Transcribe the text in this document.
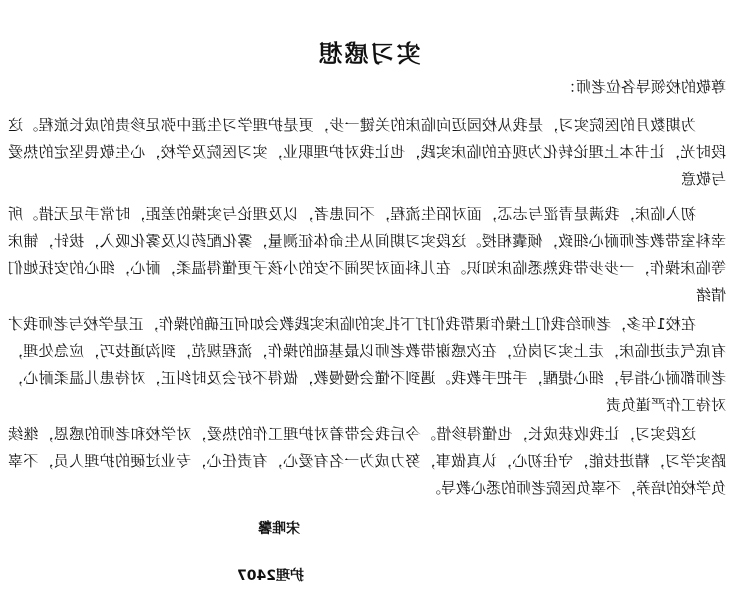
实习感想
尊敬的校领导各位老师：

为期数月的医院实习，是我从校园迈向临床的关键一步，更是护理学习生涯中弥足珍贵的成长旅程。这段时光，让书本上理论转化为现在的临床实践，也让我对护理职业，实习医院及学校，心生敬畏坚定的热爱与敬意

初入临床，我满是青涩与忐忑，面对陌生流程，不同患者，以及理论与实操的差距，时常手足无措。所幸科室带教老师耐心细致，倾囊相授。这段实习期间从生命体征测量，雾化配药以及雾化吸入，拔针，铺床等临床操作，一步步带我熟悉临床知识。在儿科面对哭闹不安的小孩子更懂得温柔，耐心，细心的安抚她们情绪

在校1年多，老师给我们上操作课帮我们打下扎实的临床实践教会如何正确的操作，正是学校与老师我才有底气走进临床，走上实习岗位，在次感谢带教老师以最基础的操作，流程规范，到沟通技巧，应急处理，老师都耐心指导，细心提醒，手把手教我。遇到不懂会慢慢教，做得不好会及时纠正，对待患儿温柔耐心，对待工作严谨负责

这段实习，让我收获成长，也懂得珍惜。今后我会带着对护理工作的热爱，对学校和老师的感恩，继续踏实学习，精进技能，守住初心，认真做事，努力成为一名有爱心，有责任心，专业过硬的护理人员，不辜负学校的培养，不辜负医院老师的悉心教导。

宋唯馨
护理2407
